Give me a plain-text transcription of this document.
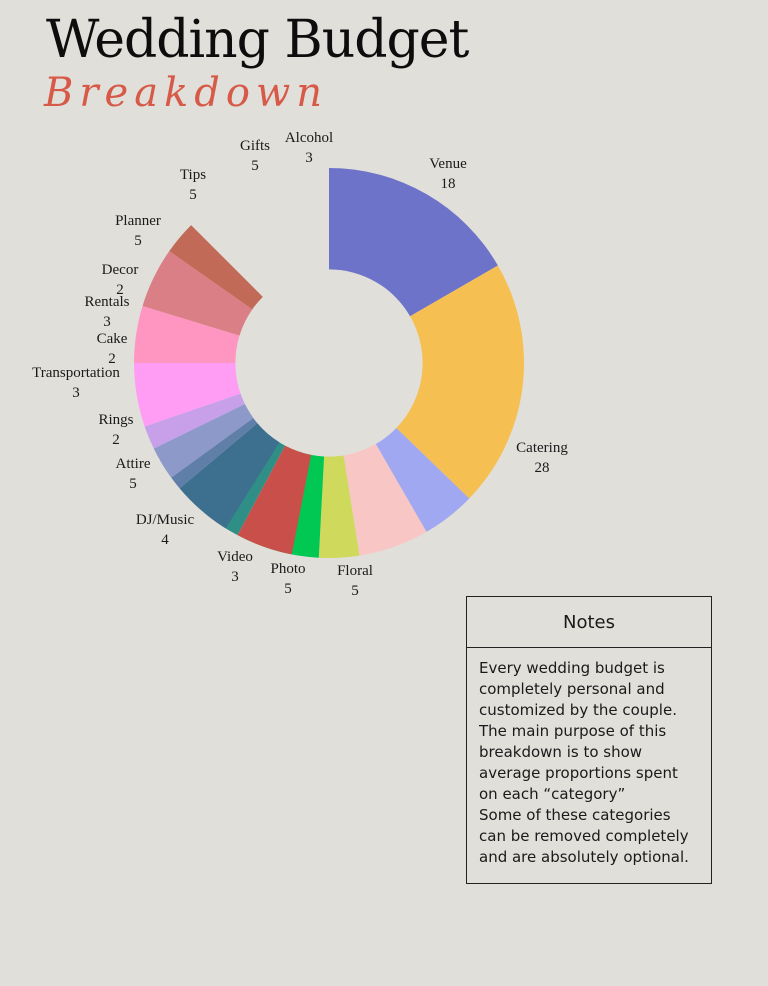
Wedding Budget
Breakdown
Venue
18
Catering
28
Floral
5
Photo
5
Video
3
DJ/Music
4
Attire
5
Rings
2
Transportation
3
Cake
2
Rentals
3
Decor
2
Planner
5
Tips
5
Gifts
5
Alcohol
3
Notes
Every wedding budget is completely personal and customized by the couple.
The main purpose of this breakdown is to show average proportions spent on each “category”
Some of these categories can be removed completely and are absolutely optional.
